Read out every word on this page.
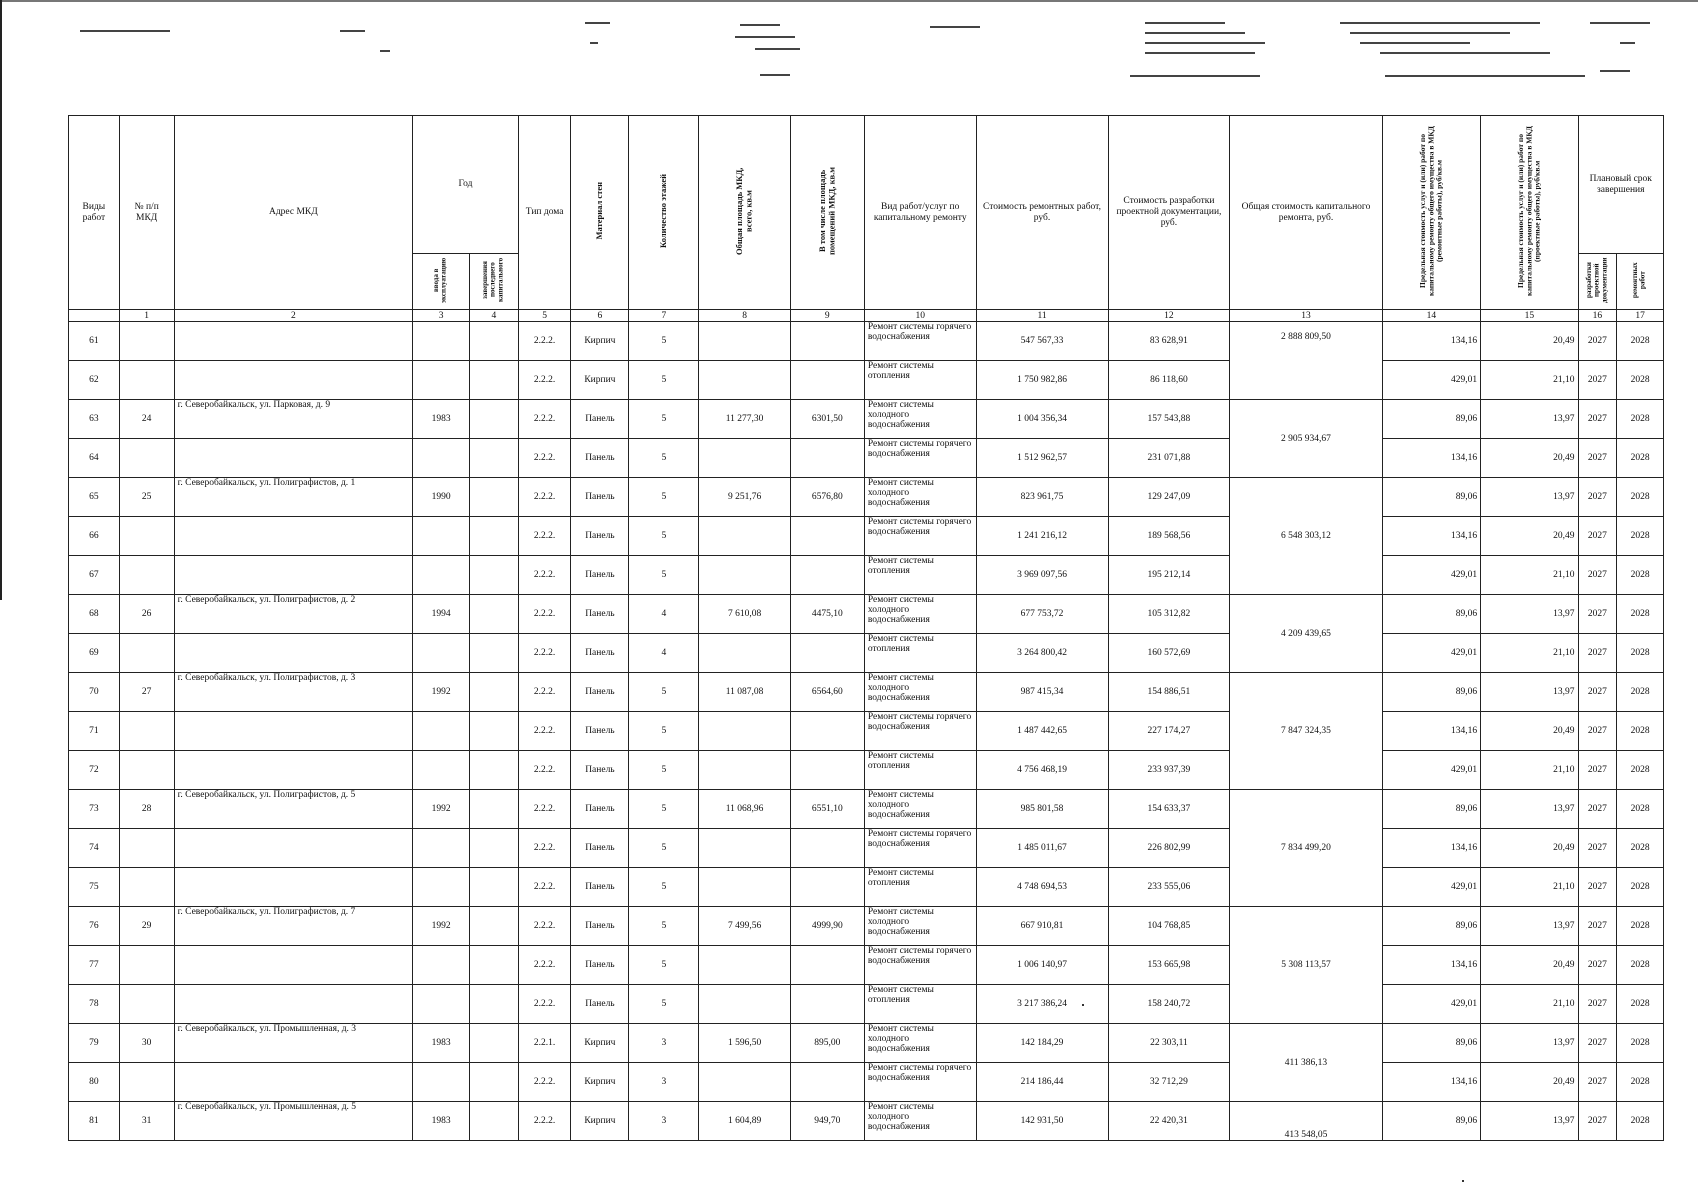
Виды работ	№ п/п МКД	Адрес МКД	Год		Тип дома	Материал стен	Количество этажей	Общая площадь МКД, всего, кв.м	В том числе площадь помещений МКД, кв.м	Вид работ/услуг по капитальному ремонту	Стоимость ремонтных работ, руб.	Стоимость разработки проектной документации, руб.	Общая стоимость капитального ремонта, руб.	Предельная стоимость услуг и (или) работ по капитальному ремонту общего имущества в МКД (ремонтные работы), руб/кв.м	Предельная стоимость услуг и (или) работ по капитальному ремонту общего имущества в МКД (проектные работы), руб/кв.м	Плановый срок завершения	
			ввода в эксплуатацию	завершения последнего капитального												разработки проектной документации	ремонтных работ
	1	2	3	4	5	6	7	8	9	10	11	12	13	14	15	16	17
61					2.2.2.	Кирпич	5			Ремонт системы горячего водоснабжения	547 567,33	83 628,91	2 888 809,50	134,16	20,49	2027	2028
62					2.2.2.	Кирпич	5			Ремонт системы отопления	1 750 982,86	86 118,60		429,01	21,10	2027	2028
63	24	г. Северобайкальск, ул. Парковая, д. 9	1983		2.2.2.	Панель	5	11 277,30	6301,50	Ремонт системы холодного водоснабжения	1 004 356,34	157 543,88	2 905 934,67	89,06	13,97	2027	2028
64					2.2.2.	Панель	5			Ремонт системы горячего водоснабжения	1 512 962,57	231 071,88		134,16	20,49	2027	2028
65	25	г. Северобайкальск, ул. Полиграфистов, д. 1	1990		2.2.2.	Панель	5	9 251,76	6576,80	Ремонт системы холодного водоснабжения	823 961,75	129 247,09	6 548 303,12	89,06	13,97	2027	2028
66					2.2.2.	Панель	5			Ремонт системы горячего водоснабжения	1 241 216,12	189 568,56		134,16	20,49	2027	2028
67					2.2.2.	Панель	5			Ремонт системы отопления	3 969 097,56	195 212,14		429,01	21,10	2027	2028
68	26	г. Северобайкальск, ул. Полиграфистов, д. 2	1994		2.2.2.	Панель	4	7 610,08	4475,10	Ремонт системы холодного водоснабжения	677 753,72	105 312,82	4 209 439,65	89,06	13,97	2027	2028
69					2.2.2.	Панель	4			Ремонт системы отопления	3 264 800,42	160 572,69		429,01	21,10	2027	2028
70	27	г. Северобайкальск, ул. Полиграфистов, д. 3	1992		2.2.2.	Панель	5	11 087,08	6564,60	Ремонт системы холодного водоснабжения	987 415,34	154 886,51	7 847 324,35	89,06	13,97	2027	2028
71					2.2.2.	Панель	5			Ремонт системы горячего водоснабжения	1 487 442,65	227 174,27		134,16	20,49	2027	2028
72					2.2.2.	Панель	5			Ремонт системы отопления	4 756 468,19	233 937,39		429,01	21,10	2027	2028
73	28	г. Северобайкальск, ул. Полиграфистов, д. 5	1992		2.2.2.	Панель	5	11 068,96	6551,10	Ремонт системы холодного водоснабжения	985 801,58	154 633,37	7 834 499,20	89,06	13,97	2027	2028
74					2.2.2.	Панель	5			Ремонт системы горячего водоснабжения	1 485 011,67	226 802,99		134,16	20,49	2027	2028
75					2.2.2.	Панель	5			Ремонт системы отопления	4 748 694,53	233 555,06		429,01	21,10	2027	2028
76	29	г. Северобайкальск, ул. Полиграфистов, д. 7	1992		2.2.2.	Панель	5	7 499,56	4999,90	Ремонт системы холодного водоснабжения	667 910,81	104 768,85	5 308 113,57	89,06	13,97	2027	2028
77					2.2.2.	Панель	5			Ремонт системы горячего водоснабжения	1 006 140,97	153 665,98		134,16	20,49	2027	2028
78					2.2.2.	Панель	5			Ремонт системы отопления	3 217 386,24	158 240,72		429,01	21,10	2027	2028
79	30	г. Северобайкальск, ул. Промышленная, д. 3	1983		2.2.1.	Кирпич	3	1 596,50	895,00	Ремонт системы холодного водоснабжения	142 184,29	22 303,11	411 386,13	89,06	13,97	2027	2028
80					2.2.2.	Кирпич	3			Ремонт системы горячего водоснабжения	214 186,44	32 712,29		134,16	20,49	2027	2028
81	31	г. Северобайкальск, ул. Промышленная, д. 5	1983		2.2.2.	Кирпич	3	1 604,89	949,70	Ремонт системы холодного водоснабжения	142 931,50	22 420,31	413 548,05	89,06	13,97	2027	2028
